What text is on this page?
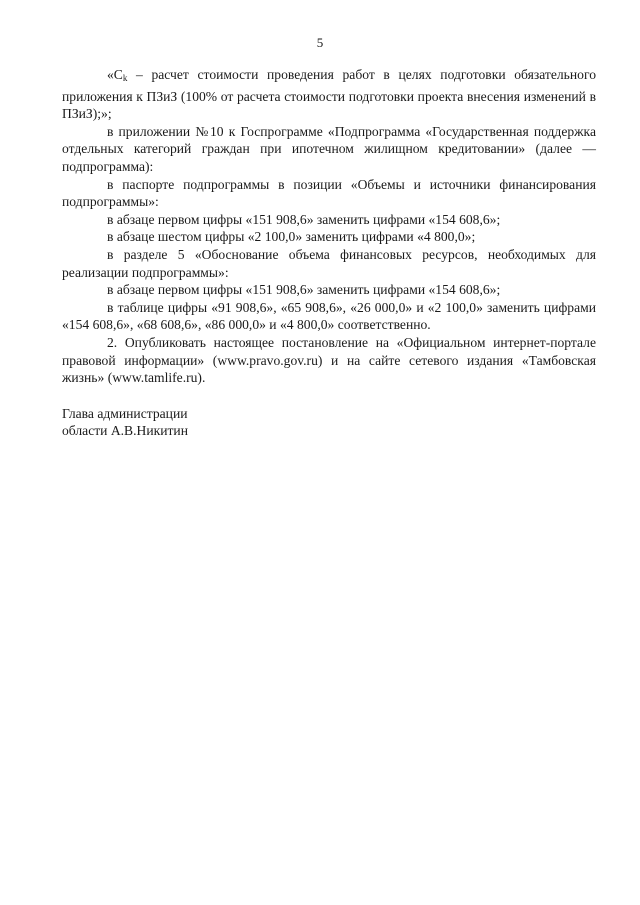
5

«$C_k$ – расчет стоимости проведения работ в целях подготовки обязательного приложения к ПЗиЗ (100% от расчета стоимости подготовки проекта внесения изменений в ПЗиЗ);»;

в приложении №10 к Госпрограмме «Подпрограмма «Государственная поддержка отдельных категорий граждан при ипотечном жилищном кредитовании» (далее — подпрограмма):

в паспорте подпрограммы в позиции «Объемы и источники финансирования подпрограммы»:

в абзаце первом цифры «151 908,6» заменить цифрами «154 608,6»;

в абзаце шестом цифры «2 100,0» заменить цифрами «4 800,0»;

в разделе 5 «Обоснование объема финансовых ресурсов, необходимых для реализации подпрограммы»:

в абзаце первом цифры «151 908,6» заменить цифрами «154 608,6»;

в таблице цифры «91 908,6», «65 908,6», «26 000,0» и «2 100,0» заменить цифрами «154 608,6», «68 608,6», «86 000,0» и «4 800,0» соответственно.

2. Опубликовать настоящее постановление на «Официальном интернет-портале правовой информации» (www.pravo.gov.ru) и на сайте сетевого издания «Тамбовская жизнь» (www.tamlife.ru).

Глава администрации
области А.В.Никитин
